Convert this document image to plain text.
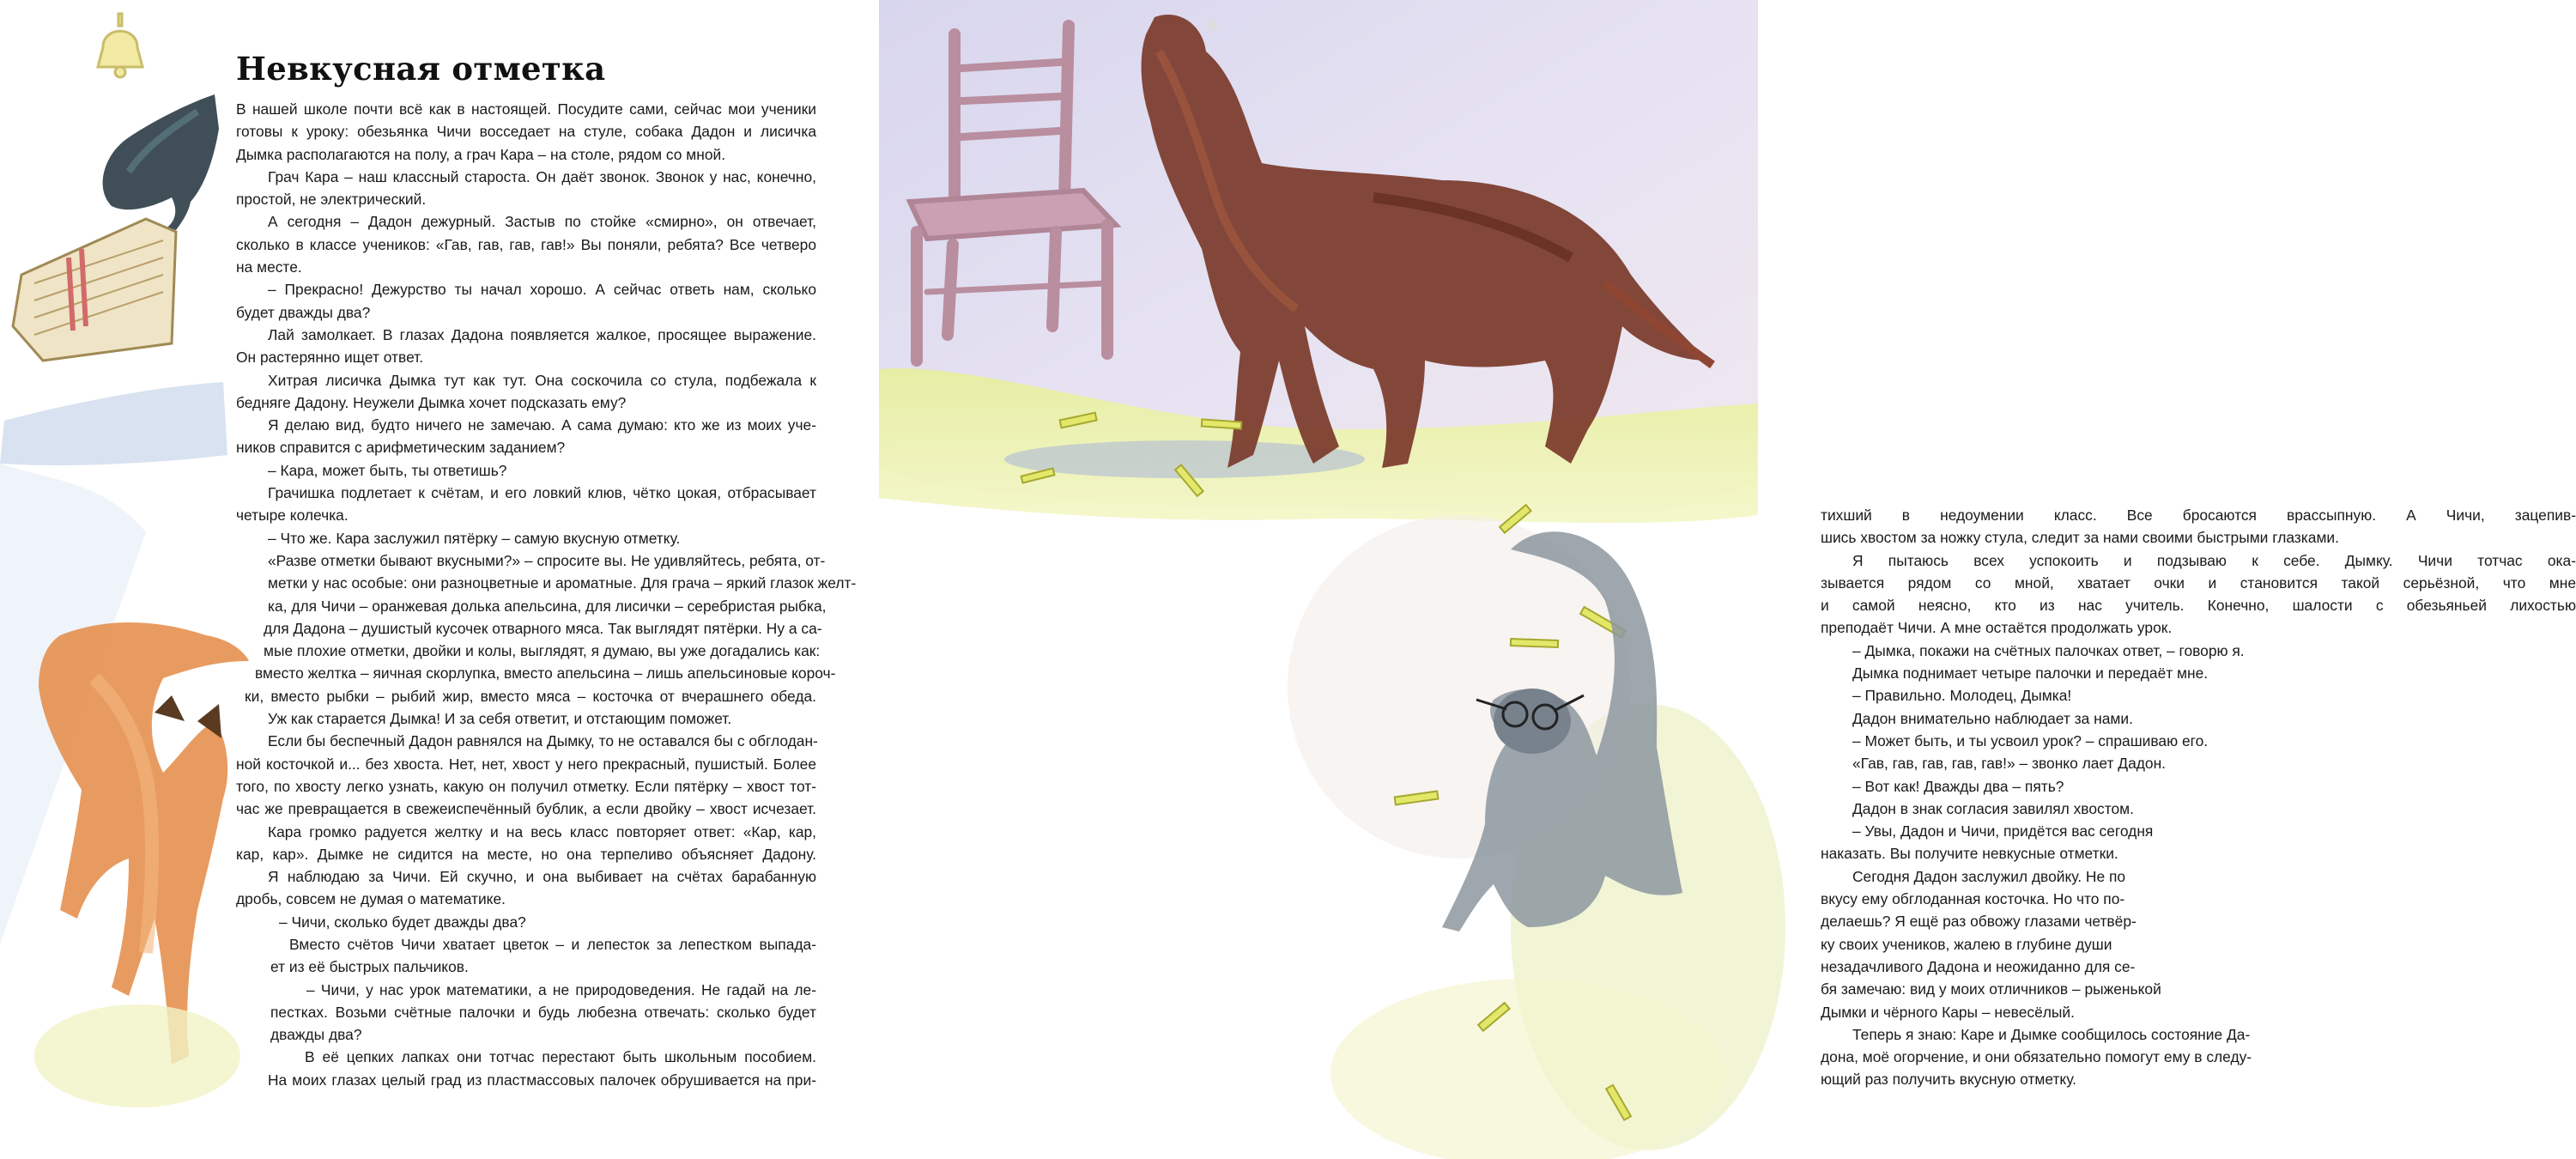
Невкусная отметка

В нашей школе почти всё как в настоящей. Посудите сами, сейчас мои ученики

готовы к уроку: обезьянка Чичи восседает на стуле, собака Дадон и лисичка

Дымка располагаются на полу, а грач Кара – на столе, рядом со мной.

Грач Кара – наш классный староста. Он даёт звонок. Звонок у нас, конечно,

простой, не электрический.

А сегодня – Дадон дежурный. Застыв по стойке «смирно», он отвечает,

сколько в классе учеников: «Гав, гав, гав, гав!» Вы поняли, ребята? Все четверо

на месте.

– Прекрасно! Дежурство ты начал хорошо. А сейчас ответь нам, сколько

будет дважды два?

Лай замолкает. В глазах Дадона появляется жалкое, просящее выражение.

Он растерянно ищет ответ.

Хитрая лисичка Дымка тут как тут. Она соскочила со стула, подбежала к

бедняге Дадону. Неужели Дымка хочет подсказать ему?

Я делаю вид, будто ничего не замечаю. А сама думаю: кто же из моих уче-

ников справится с арифметическим заданием?

– Кара, может быть, ты ответишь?

Грачишка подлетает к счётам, и его ловкий клюв, чётко цокая, отбрасывает

четыре колечка.

– Что же. Кара заслужил пятёрку – самую вкусную отметку.

«Разве отметки бывают вкусными?» – спросите вы. Не удивляйтесь, ребята, от-

метки у нас особые: они разноцветные и ароматные. Для грача – яркий глазок желт-

ка, для Чичи – оранжевая долька апельсина, для лисички – серебристая рыбка,

для Дадона – душистый кусочек отварного мяса. Так выглядят пятёрки. Ну а са-

мые плохие отметки, двойки и колы, выглядят, я думаю, вы уже догадались как:

вместо желтка – яичная скорлупка, вместо апельсина – лишь апельсиновые короч-

ки, вместо рыбки – рыбий жир, вместо мяса – косточка от вчерашнего обеда.

Уж как старается Дымка! И за себя ответит, и отстающим поможет.

Если бы беспечный Дадон равнялся на Дымку, то не оставался бы с обглодан-

ной косточкой и... без хвоста. Нет, нет, хвост у него прекрасный, пушистый. Более

того, по хвосту легко узнать, какую он получил отметку. Если пятёрку – хвост тот-

час же превращается в свежеиспечённый бублик, а если двойку – хвост исчезает.

Кара громко радуется желтку и на весь класс повторяет ответ: «Кар, кар,

кар, кар». Дымке не сидится на месте, но она терпеливо объясняет Дадону.

Я наблюдаю за Чичи. Ей скучно, и она выбивает на счётах барабанную

дробь, совсем не думая о математике.

– Чичи, сколько будет дважды два?

Вместо счётов Чичи хватает цветок – и лепесток за лепестком выпада-

ет из её быстрых пальчиков.

– Чичи, у нас урок математики, а не природоведения. Не гадай на ле-

пестках. Возьми счётные палочки и будь любезна отвечать: сколько будет

дважды два?

В её цепких лапках они тотчас перестают быть школьным пособием.

На моих глазах целый град из пластмассовых палочек обрушивается на при-

тихший в недоумении класс. Все бросаются врассыпную. А Чичи, зацепив-

шись хвостом за ножку стула, следит за нами своими быстрыми глазками.

Я пытаюсь всех успокоить и подзываю к себе. Дымку. Чичи тотчас ока-

зывается рядом со мной, хватает очки и становится такой серьёзной, что мне

и самой неясно, кто из нас учитель. Конечно, шалости с обезьяньей лихостью

преподаёт Чичи. А мне остаётся продолжать урок.

– Дымка, покажи на счётных палочках ответ, – говорю я.

Дымка поднимает четыре палочки и передаёт мне.

– Правильно. Молодец, Дымка!

Дадон внимательно наблюдает за нами.

– Может быть, и ты усвоил урок? – спрашиваю его.

«Гав, гав, гав, гав, гав!» – звонко лает Дадон.

– Вот как! Дважды два – пять?

Дадон в знак согласия завилял хвостом.

– Увы, Дадон и Чичи, придётся вас сегодня

наказать. Вы получите невкусные отметки.

Сегодня Дадон заслужил двойку. Не по

вкусу ему обглоданная косточка. Но что по-

делаешь? Я ещё раз обвожу глазами четвёр-

ку своих учеников, жалею в глубине души

незадачливого Дадона и неожиданно для се-

бя замечаю: вид у моих отличников – рыженькой

Дымки и чёрного Кары – невесёлый.

Теперь я знаю: Каре и Дымке сообщилось состояние Да-

дона, моё огорчение, и они обязательно помогут ему в следу-

ющий раз получить вкусную отметку.
